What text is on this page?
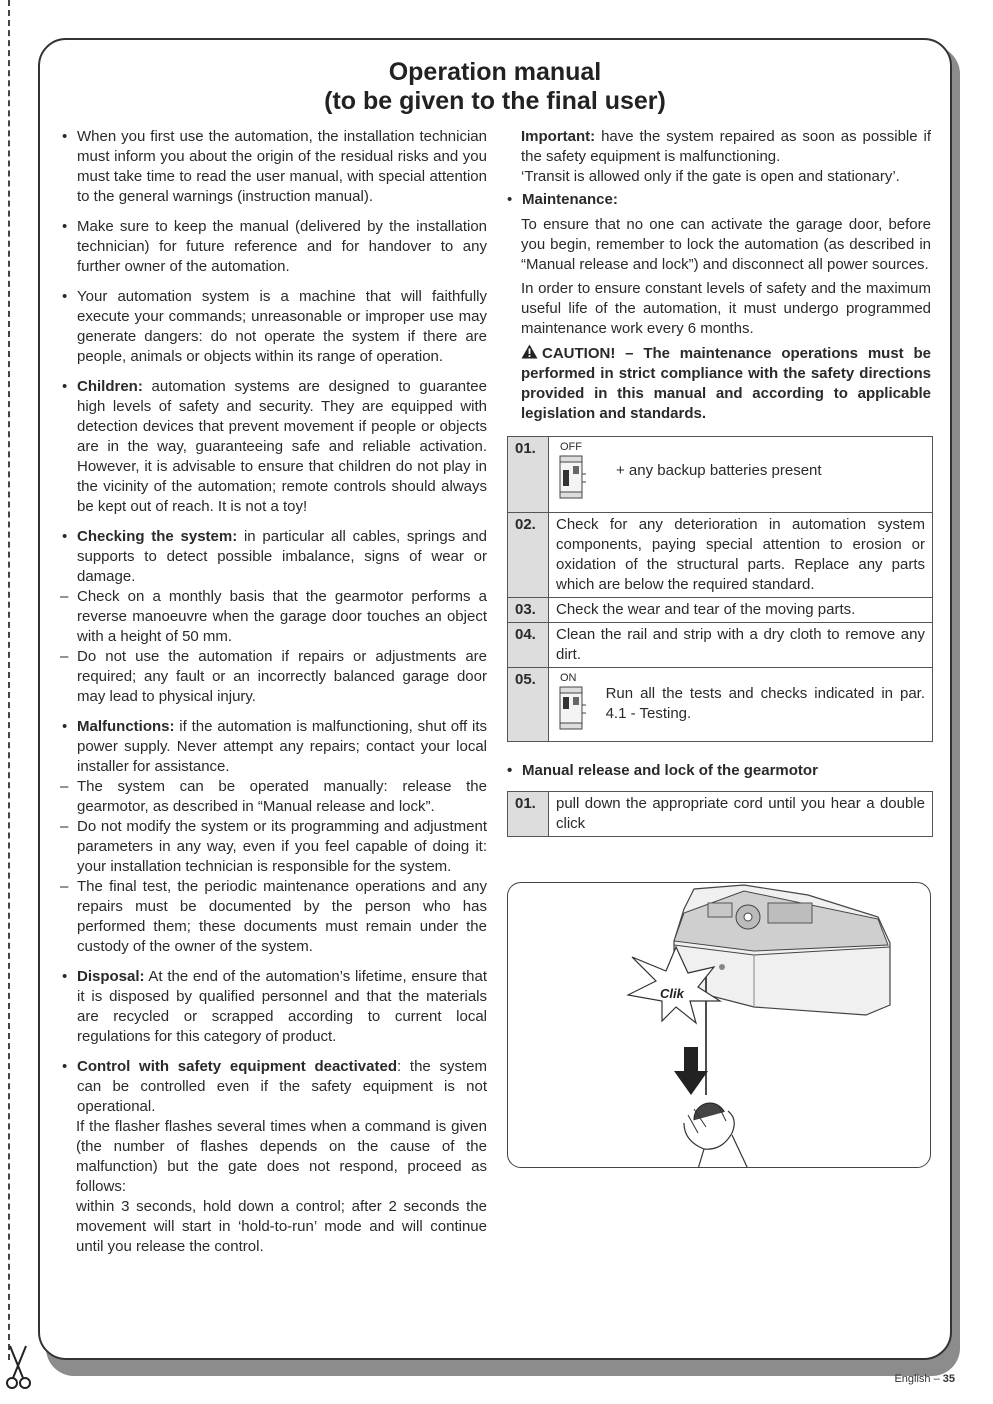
Operation manual
(to be given to the final user)

• When you first use the automation, the installation technician must inform you about the origin of the residual risks and you must take time to read the user manual, with special attention to the general warnings (instruction manual).

• Make sure to keep the manual (delivered by the installation technician) for future reference and for handover to any further owner of the automation.

• Your automation system is a machine that will faithfully execute your commands; unreasonable or improper use may generate dangers: do not operate the system if there are people, animals or objects within its range of operation.

• Children: automation systems are designed to guarantee high levels of safety and security. They are equipped with detection devices that prevent movement if people or objects are in the way, guaranteeing safe and reliable activation. However, it is advisable to ensure that children do not play in the vicinity of the automation; remote controls should always be kept out of reach. It is not a toy!

• Checking the system: in particular all cables, springs and supports to detect possible imbalance, signs of wear or damage.

– Check on a monthly basis that the gearmotor performs a reverse manoeuvre when the garage door touches an object with a height of 50 mm.

– Do not use the automation if repairs or adjustments are required; any fault or an incorrectly balanced garage door may lead to physical injury.

• Malfunctions: if the automation is malfunctioning, shut off its power supply. Never attempt any repairs; contact your local installer for assistance.

– The system can be operated manually: release the gearmotor, as described in “Manual release and lock”.

– Do not modify the system or its programming and adjustment parameters in any way, even if you feel capable of doing it: your installation technician is responsible for the system.

– The final test, the periodic maintenance operations and any repairs must be documented by the person who has performed them; these documents must remain under the custody of the owner of the system.

• Disposal: At the end of the automation’s lifetime, ensure that it is disposed by qualified personnel and that the materials are recycled or scrapped according to current local regulations for this category of product.

• Control with safety equipment deactivated: the system can be controlled even if the safety equipment is not operational.

If the flasher flashes several times when a command is given (the number of flashes depends on the cause of the malfunction) but the gate does not respond, proceed as follows:

within 3 seconds, hold down a control; after 2 seconds the movement will start in ‘hold-to-run’ mode and will continue until you release the control.

Important: have the system repaired as soon as possible if the safety equipment is malfunctioning.

‘Transit is allowed only if the gate is open and stationary’.

• Maintenance:

To ensure that no one can activate the garage door, before you begin, remember to lock the automation (as described in “Manual release and lock”) and disconnect all power sources.

In order to ensure constant levels of safety and the maximum useful life of the automation, it must undergo programmed maintenance work every 6 months.

CAUTION! – The maintenance operations must be performed in strict compliance with the safety directions provided in this manual and according to applicable legislation and standards.

01.	OFF
+ any backup batteries present

02.	Check for any deterioration in automation system components, paying special attention to erosion or oxidation of the structural parts. Replace any parts which are below the required standard.
03.	Check the wear and tear of the moving parts.
04.	Clean the rail and strip with a dry cloth to remove any dirt.
05.	ON
Run all the tests and checks indicated in par. 4.1 - Testing.

• Manual release and lock of the gearmotor

01.	pull down the appropriate cord until you hear a double click
Clik
English – 35
